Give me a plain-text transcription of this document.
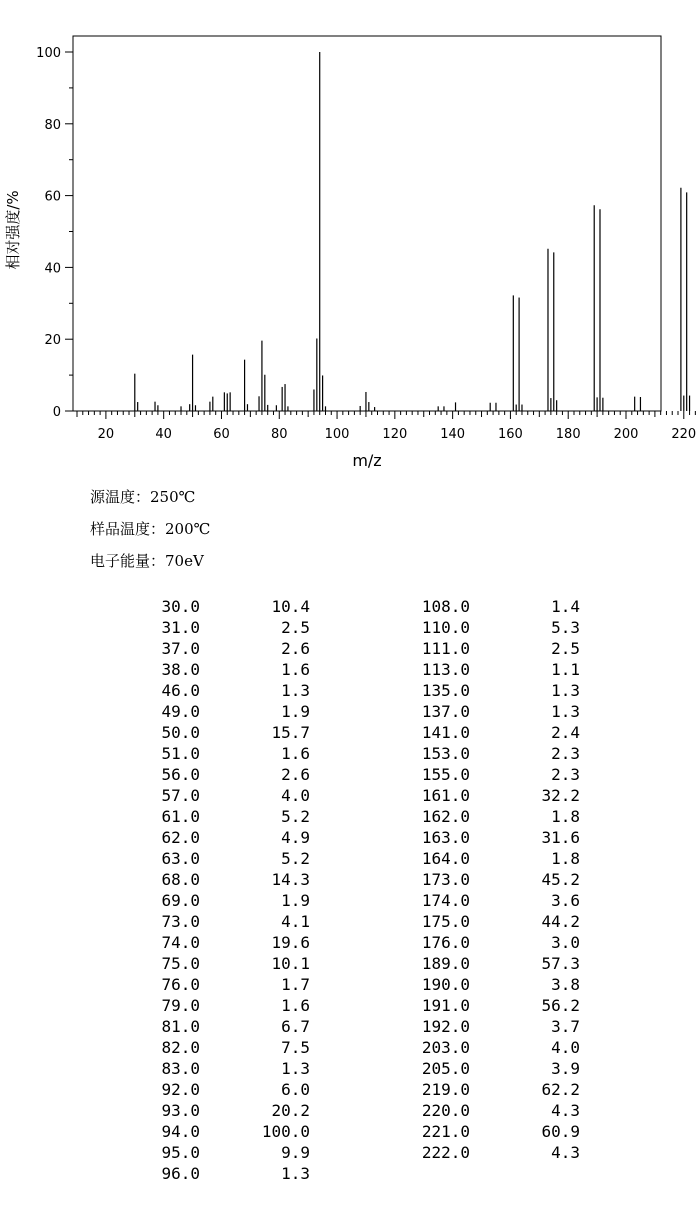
20	40	60	80	100	120	140	160	180	200	220
0
20
40
60
80
100
m/z
相对强度/%
源温度：250℃
样品温度：200℃
电子能量：70eV
30.0	10.4
31.0	2.5
37.0	2.6
38.0	1.6
46.0	1.3
49.0	1.9
50.0	15.7
51.0	1.6
56.0	2.6
57.0	4.0
61.0	5.2
62.0	4.9
63.0	5.2
68.0	14.3
69.0	1.9
73.0	4.1
74.0	19.6
75.0	10.1
76.0	1.7
79.0	1.6
81.0	6.7
82.0	7.5
83.0	1.3
92.0	6.0
93.0	20.2
94.0	100.0
95.0	9.9
96.0	1.3
108.0	1.4
110.0	5.3
111.0	2.5
113.0	1.1
135.0	1.3
137.0	1.3
141.0	2.4
153.0	2.3
155.0	2.3
161.0	32.2
162.0	1.8
163.0	31.6
164.0	1.8
173.0	45.2
174.0	3.6
175.0	44.2
176.0	3.0
189.0	57.3
190.0	3.8
191.0	56.2
192.0	3.7
203.0	4.0
205.0	3.9
219.0	62.2
220.0	4.3
221.0	60.9
222.0	4.3
